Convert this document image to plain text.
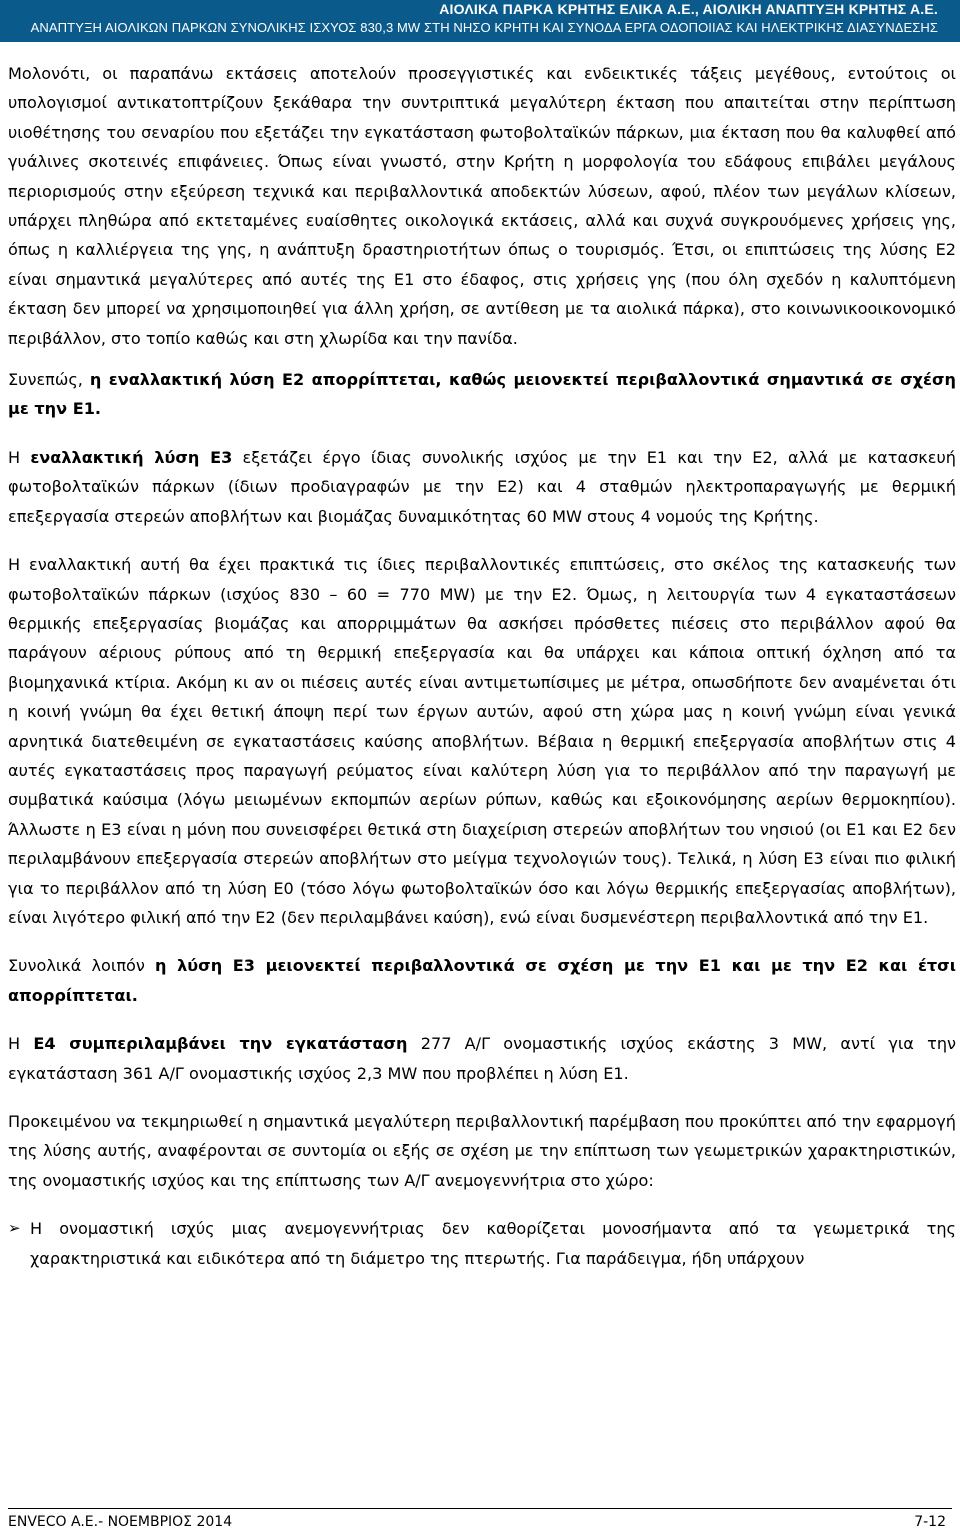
ΑΙΟΛΙΚΑ ΠΑΡΚΑ ΚΡΗΤΗΣ ΕΛΙΚΑ Α.Ε., ΑΙΟΛΙΚΗ ΑΝΑΠΤΥΞΗ ΚΡΗΤΗΣ Α.Ε.
ΑΝΑΠΤΥΞΗ ΑΙΟΛΙΚΩΝ ΠΑΡΚΩΝ ΣΥΝΟΛΙΚΗΣ ΙΣΧΥΟΣ 830,3 MW ΣΤΗ ΝΗΣΟ ΚΡΗΤΗ ΚΑΙ ΣΥΝΟΔΑ ΕΡΓΑ ΟΔΟΠΟΙΙΑΣ ΚΑΙ ΗΛΕΚΤΡΙΚΗΣ ΔΙΑΣΥΝΔΕΣΗΣ

Μολονότι, οι παραπάνω εκτάσεις αποτελούν προσεγγιστικές και ενδεικτικές τάξεις μεγέθους, εντούτοις οι υπολογισμοί αντικατοπτρίζουν ξεκάθαρα την συντριπτικά μεγαλύτερη έκταση που απαιτείται στην περίπτωση υιοθέτησης του σεναρίου που εξετάζει την εγκατάσταση φωτοβολταϊκών πάρκων, μια έκταση που θα καλυφθεί από γυάλινες σκοτεινές επιφάνειες. Όπως είναι γνωστό, στην Κρήτη η μορφολογία του εδάφους επιβάλει μεγάλους περιορισμούς στην εξεύρεση τεχνικά και περιβαλλοντικά αποδεκτών λύσεων, αφού, πλέον των μεγάλων κλίσεων, υπάρχει πληθώρα από εκτεταμένες ευαίσθητες οικολογικά εκτάσεις, αλλά και συχνά συγκρουόμενες χρήσεις γης, όπως η καλλιέργεια της γης, η ανάπτυξη δραστηριοτήτων όπως ο τουρισμός. Έτσι, οι επιπτώσεις της λύσης Ε2 είναι σημαντικά μεγαλύτερες από αυτές της Ε1 στο έδαφος, στις χρήσεις γης (που όλη σχεδόν η καλυπτόμενη έκταση δεν μπορεί να χρησιμοποιηθεί για άλλη χρήση, σε αντίθεση με τα αιολικά πάρκα), στο κοινωνικοοικονομικό περιβάλλον, στο τοπίο καθώς και στη χλωρίδα και την πανίδα.

Συνεπώς, η εναλλακτική λύση Ε2 απορρίπτεται, καθώς μειονεκτεί περιβαλλοντικά σημαντικά σε σχέση με την Ε1.

Η εναλλακτική λύση Ε3 εξετάζει έργο ίδιας συνολικής ισχύος με την Ε1 και την Ε2, αλλά με κατασκευή φωτοβολταϊκών πάρκων (ίδιων προδιαγραφών με την Ε2) και 4 σταθμών ηλεκτροπαραγωγής με θερμική επεξεργασία στερεών αποβλήτων και βιομάζας δυναμικότητας 60 MW στους 4 νομούς της Κρήτης.

Η εναλλακτική αυτή θα έχει πρακτικά τις ίδιες περιβαλλοντικές επιπτώσεις, στο σκέλος της κατασκευής των φωτοβολταϊκών πάρκων (ισχύος 830 – 60 = 770 MW) με την Ε2. Όμως, η λειτουργία των 4 εγκαταστάσεων θερμικής επεξεργασίας βιομάζας και απορριμμάτων θα ασκήσει πρόσθετες πιέσεις στο περιβάλλον αφού θα παράγουν αέριους ρύπους από τη θερμική επεξεργασία και θα υπάρχει και κάποια οπτική όχληση από τα βιομηχανικά κτίρια. Ακόμη κι αν οι πιέσεις αυτές είναι αντιμετωπίσιμες με μέτρα, οπωσδήποτε δεν αναμένεται ότι η κοινή γνώμη θα έχει θετική άποψη περί των έργων αυτών, αφού στη χώρα μας η κοινή γνώμη είναι γενικά αρνητικά διατεθειμένη σε εγκαταστάσεις καύσης αποβλήτων. Βέβαια η θερμική επεξεργασία αποβλήτων στις 4 αυτές εγκαταστάσεις προς παραγωγή ρεύματος είναι καλύτερη λύση για το περιβάλλον από την παραγωγή με συμβατικά καύσιμα (λόγω μειωμένων εκπομπών αερίων ρύπων, καθώς και εξοικονόμησης αερίων θερμοκηπίου). Άλλωστε η Ε3 είναι η μόνη που συνεισφέρει θετικά στη διαχείριση στερεών αποβλήτων του νησιού (οι Ε1 και Ε2 δεν περιλαμβάνουν επεξεργασία στερεών αποβλήτων στο μείγμα τεχνολογιών τους). Τελικά, η λύση Ε3 είναι πιο φιλική για το περιβάλλον από τη λύση Ε0 (τόσο λόγω φωτοβολταϊκών όσο και λόγω θερμικής επεξεργασίας αποβλήτων), είναι λιγότερο φιλική από την Ε2 (δεν περιλαμβάνει καύση), ενώ είναι δυσμενέστερη περιβαλλοντικά από την Ε1.

Συνολικά λοιπόν η λύση Ε3 μειονεκτεί περιβαλλοντικά σε σχέση με την Ε1 και με την Ε2 και έτσι απορρίπτεται.

Η Ε4 συμπεριλαμβάνει την εγκατάσταση 277 Α/Γ ονομαστικής ισχύος εκάστης 3 MW, αντί για την εγκατάσταση 361 Α/Γ ονομαστικής ισχύος 2,3 MW που προβλέπει η λύση Ε1.

Προκειμένου να τεκμηριωθεί η σημαντικά μεγαλύτερη περιβαλλοντική παρέμβαση που προκύπτει από την εφαρμογή της λύσης αυτής, αναφέρονται σε συντομία οι εξής σε σχέση με την επίπτωση των γεωμετρικών χαρακτηριστικών, της ονομαστικής ισχύος και της επίπτωσης των Α/Γ ανεμογεννήτρια στο χώρο:

➢ Η ονομαστική ισχύς μιας ανεμογεννήτριας δεν καθορίζεται μονοσήμαντα από τα γεωμετρικά της χαρακτηριστικά και ειδικότερα από τη διάμετρο της πτερωτής. Για παράδειγμα, ήδη υπάρχουν

ENVECO A.E.- ΝΟΕΜΒΡΙΟΣ 2014	7-12
